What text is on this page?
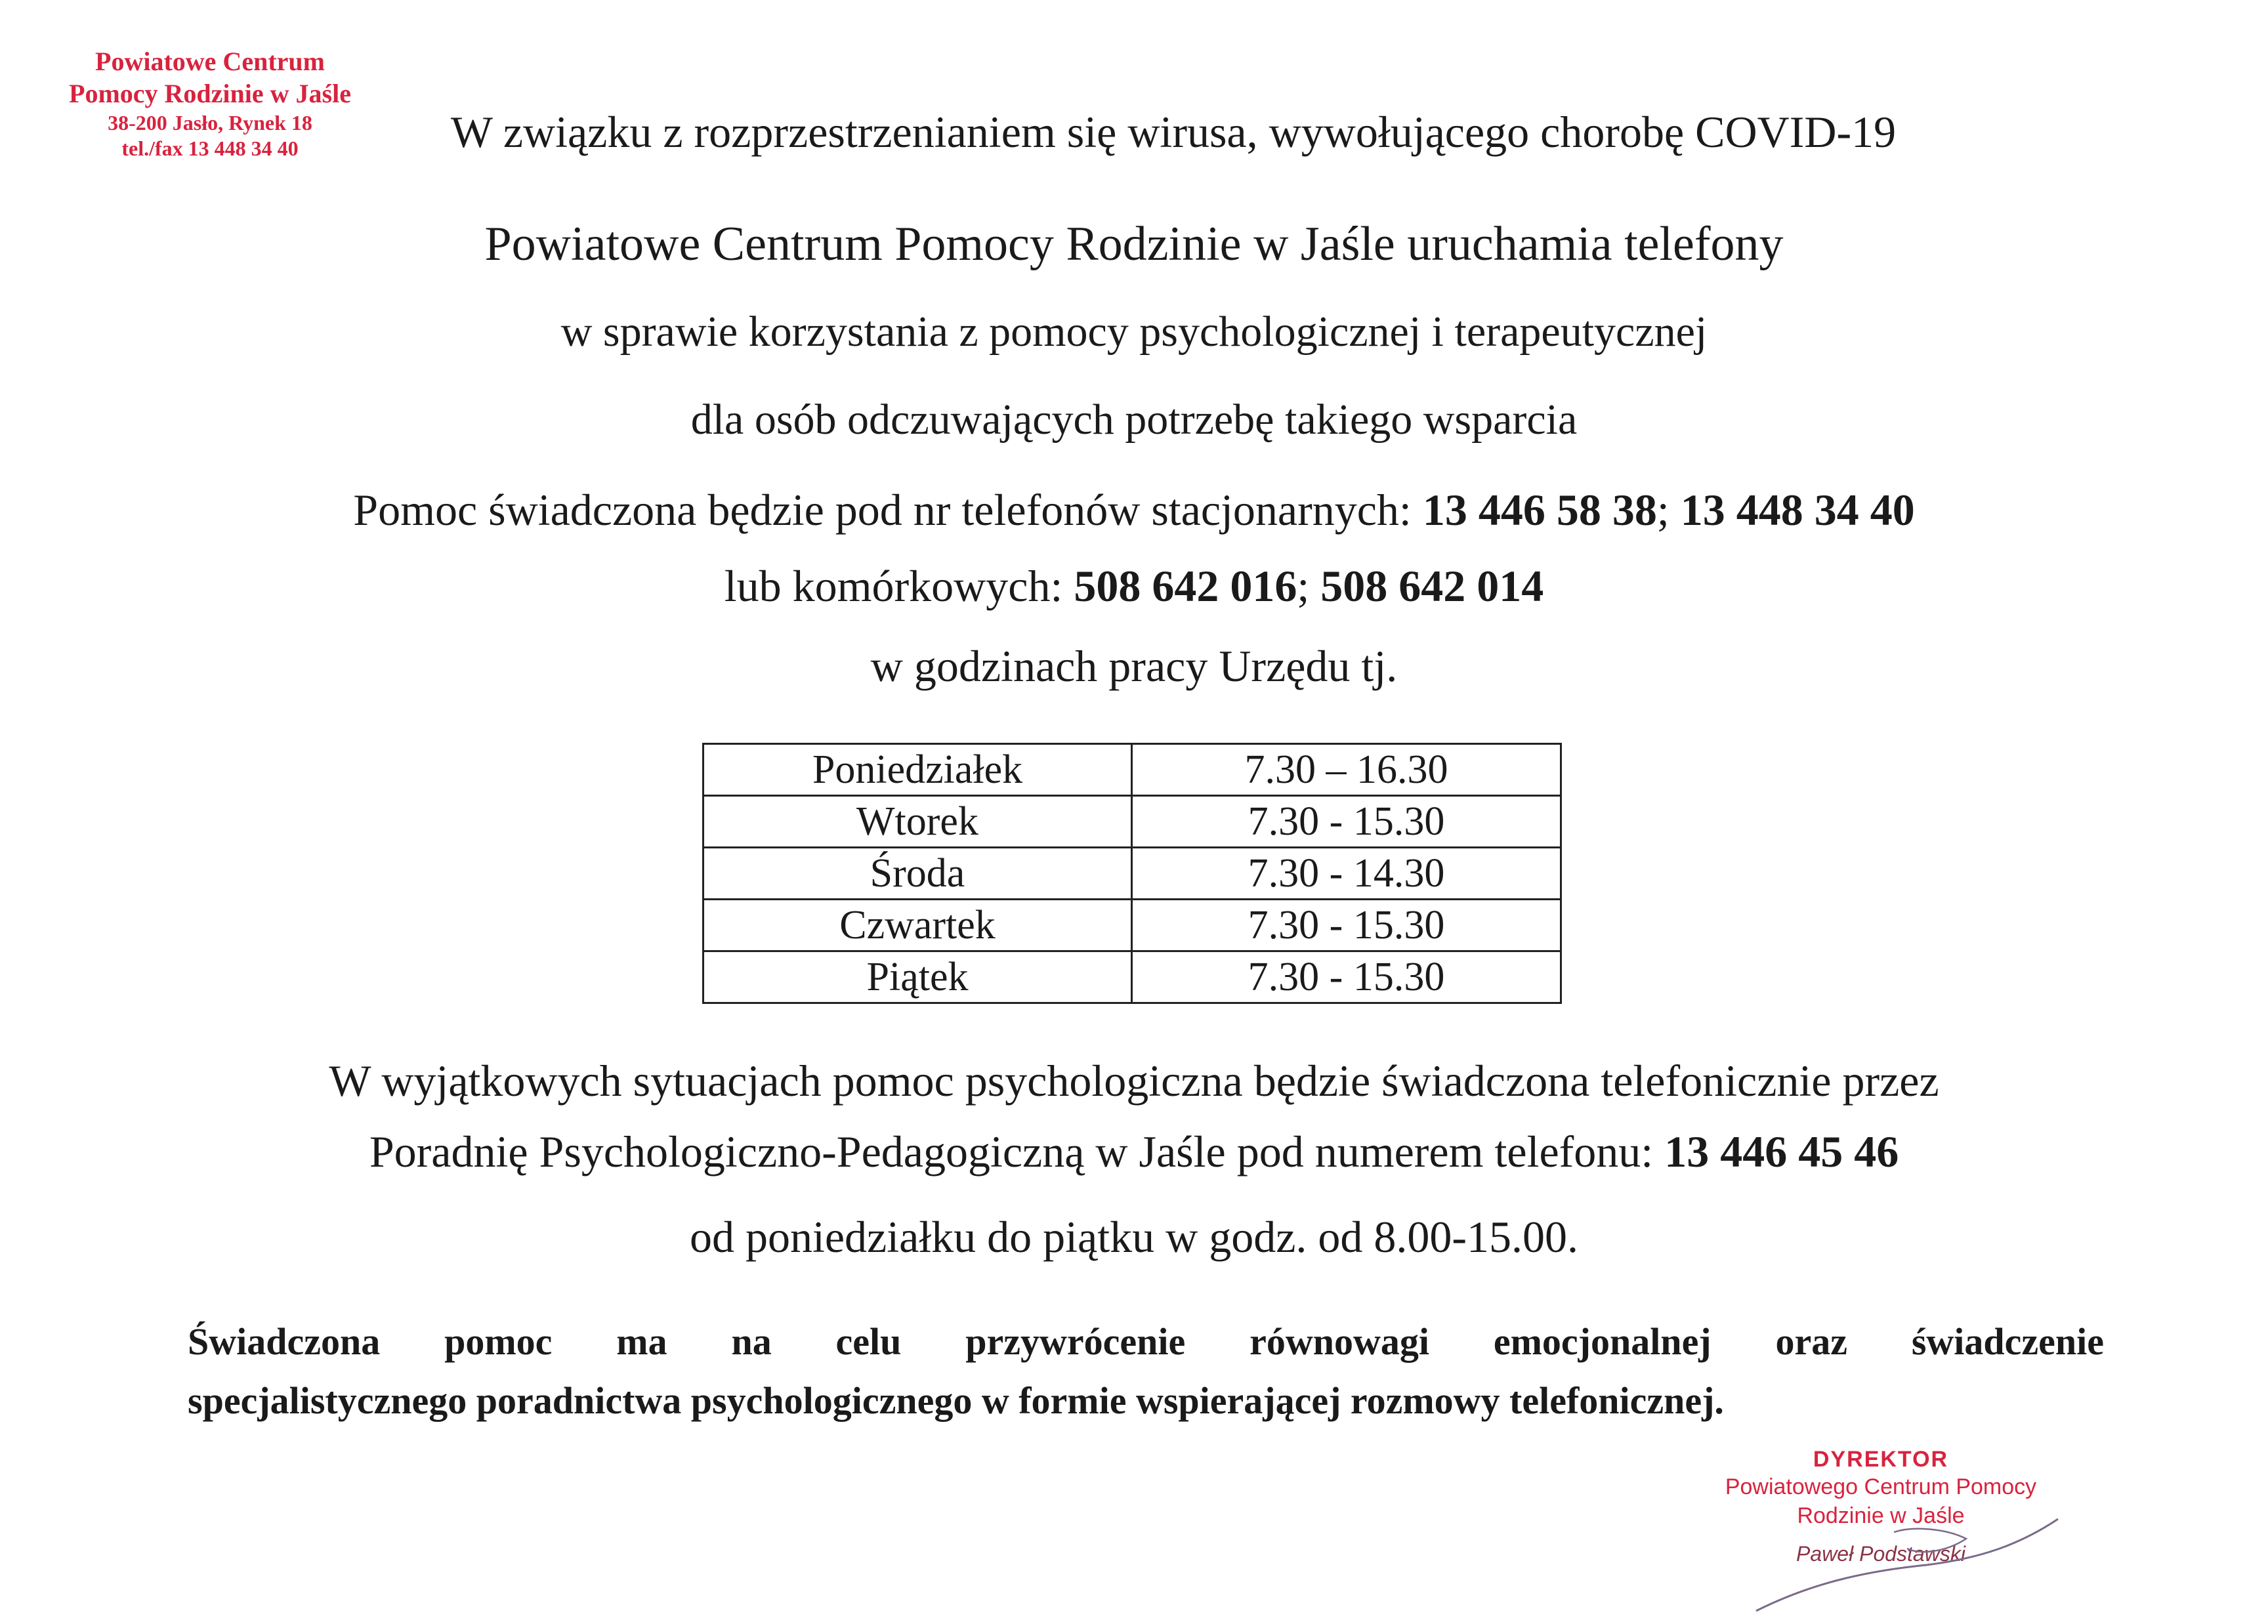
Powiatowe Centrum
Pomocy Rodzinie w Jaśle
38-200 Jasło, Rynek 18
tel./fax 13 448 34 40	W związku z rozprzestrzenianiem się wirusa, wywołującego chorobę COVID-19
Powiatowe Centrum Pomocy Rodzinie w Jaśle uruchamia telefony
w sprawie korzystania z pomocy psychologicznej i terapeutycznej
dla osób odczuwających potrzebę takiego wsparcia
Pomoc świadczona będzie pod nr telefonów stacjonarnych: 13 446 58 38; 13 448 34 40
lub komórkowych: 508 642 016; 508 642 014
w godzinach pracy Urzędu tj.
Poniedziałek	7.30 – 16.30
Wtorek	7.30 - 15.30
Środa	7.30 - 14.30
Czwartek	7.30 - 15.30
Piątek	7.30 - 15.30
W wyjątkowych sytuacjach pomoc psychologiczna będzie świadczona telefonicznie przez
Poradnię Psychologiczno-Pedagogiczną w Jaśle pod numerem telefonu: 13 446 45 46
od poniedziałku do piątku w godz. od 8.00-15.00.
Świadczona pomoc ma na celu przywrócenie równowagi emocjonalnej oraz świadczenie
specjalistycznego poradnictwa psychologicznego w formie wspierającej rozmowy telefonicznej.
DYREKTOR
Powiatowego Centrum Pomocy
Rodzinie w Jaśle
Paweł Podstawski
